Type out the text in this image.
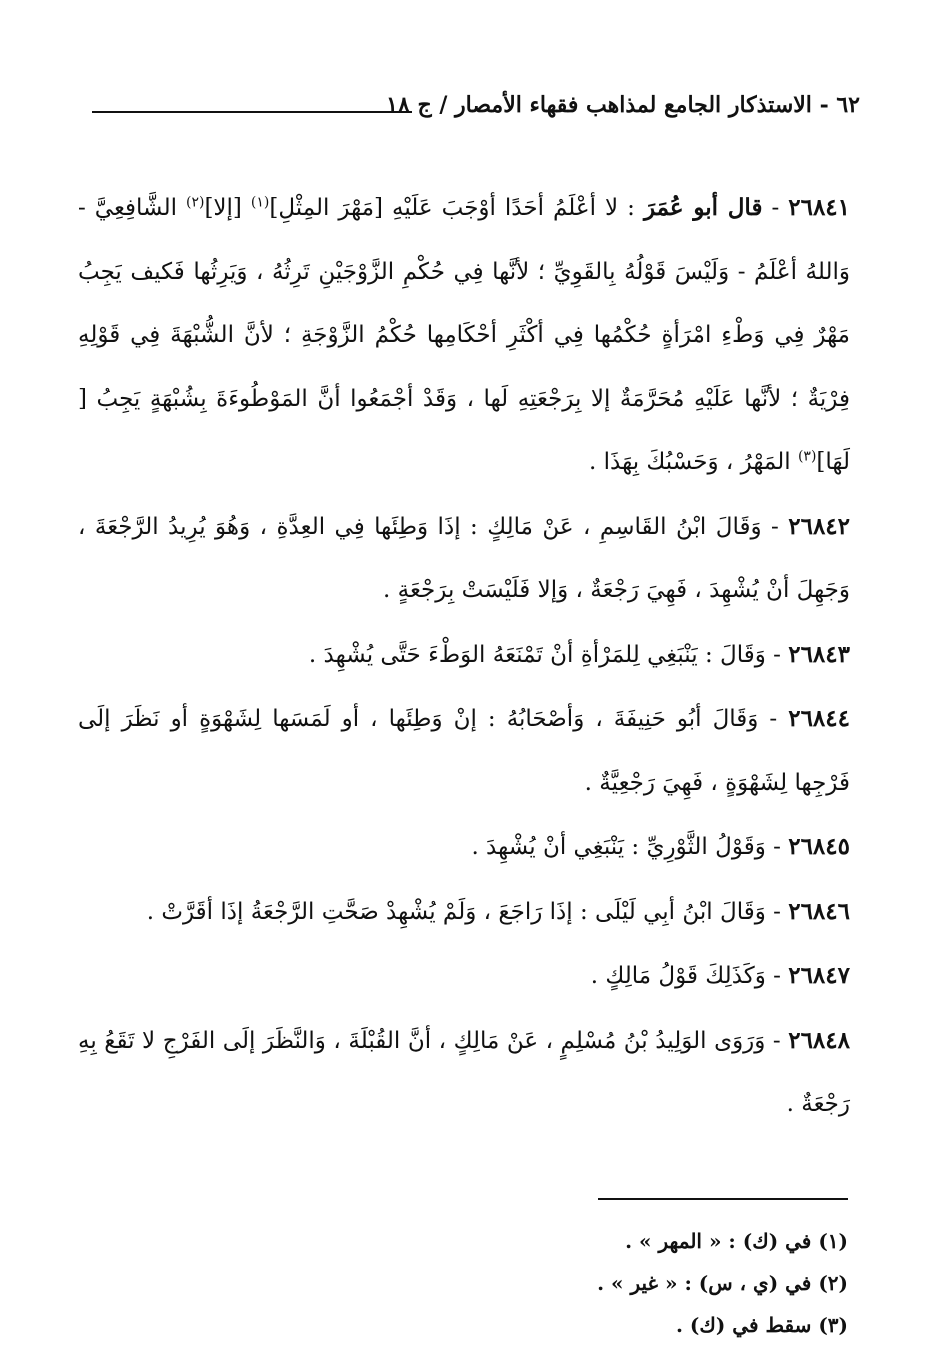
٦٢ - الاستذكار الجامع لمذاهب فقهاء الأمصار / ج ١٨

٢٦٨٤١ - قال أبو عُمَرَ : لا أعْلَمُ أحَدًا أوْجَبَ عَلَيْهِ [مَهْرَ المِثْلِ]$^{(١)}$ [إلا]$^{(٢)}$ الشَّافِعِيَّ - وَاللهُ أعْلَمُ - وَلَيْسَ قَوْلُهُ بِالقَوِيِّ ؛ لأنَّها فِي حُكْمِ الزَّوْجَيْنِ تَرِثُهُ ، وَيَرِثُها فَكيف يَجِبُ مَهْرٌ فِي وَطْءِ امْرَأةٍ حُكْمُها فِي أكْثَرِ أحْكَامِها حُكْمُ الزَّوْجَةِ ؛ لأنَّ الشُّبْهَةَ فِي قَوْلِهِ فِرْيَةٌ ؛ لأنَّها عَلَيْهِ مُحَرَّمَةٌ إلا بِرَجْعَتِهِ لَها ، وَقَدْ أجْمَعُوا أنَّ المَوْطُوءَةَ بِشُبْهَةٍ يَجِبُ [ لَهَا]$^{(٣)}$ المَهْرُ ، وَحَسْبُكَ بِهَذَا .

٢٦٨٤٢ - وَقَالَ ابْنُ القَاسِمِ ، عَنْ مَالِكٍ : إذَا وَطِئَها فِي العِدَّةِ ، وَهُوَ يُرِيدُ الرَّجْعَةَ ، وَجَهِلَ أنْ يُشْهِدَ ، فَهِيَ رَجْعَةٌ ، وَإلا فَلَيْسَتْ بِرَجْعَةٍ .

٢٦٨٤٣ - وَقَالَ : يَنْبَغِي لِلمَرْأةِ أنْ تَمْنَعَهُ الوَطْءَ حَتَّى يُشْهِدَ .

٢٦٨٤٤ - وَقَالَ أبُو حَنِيفَةَ ، وَأصْحَابُهُ : إنْ وَطِئَها ، أو لَمَسَها لِشَهْوَةٍ أو نَظَرَ إلَى فَرْجِها لِشَهْوَةٍ ، فَهِيَ رَجْعِيَّةٌ .

٢٦٨٤٥ - وَقَوْلُ الثَّوْرِيِّ : يَنْبَغِي أنْ يُشْهِدَ .

٢٦٨٤٦ - وَقَالَ ابْنُ أبِي لَيْلَى : إذَا رَاجَعَ ، وَلَمْ يُشْهِدْ صَحَّتِ الرَّجْعَةُ إذَا أقَرَّتْ .

٢٦٨٤٧ - وَكَذَلِكَ قَوْلُ مَالِكٍ .

٢٦٨٤٨ - وَرَوَى الوَلِيدُ بْنُ مُسْلِمٍ ، عَنْ مَالِكٍ ، أنَّ القُبْلَةَ ، وَالنَّظَرَ إلَى الفَرْجِ لا تَقَعُ بِهِ رَجْعَةٌ .

(١) في (ك) : « المهر » .

(٢) في (ي ، س) : « غير » .

(٣) سقط في (ك) .
